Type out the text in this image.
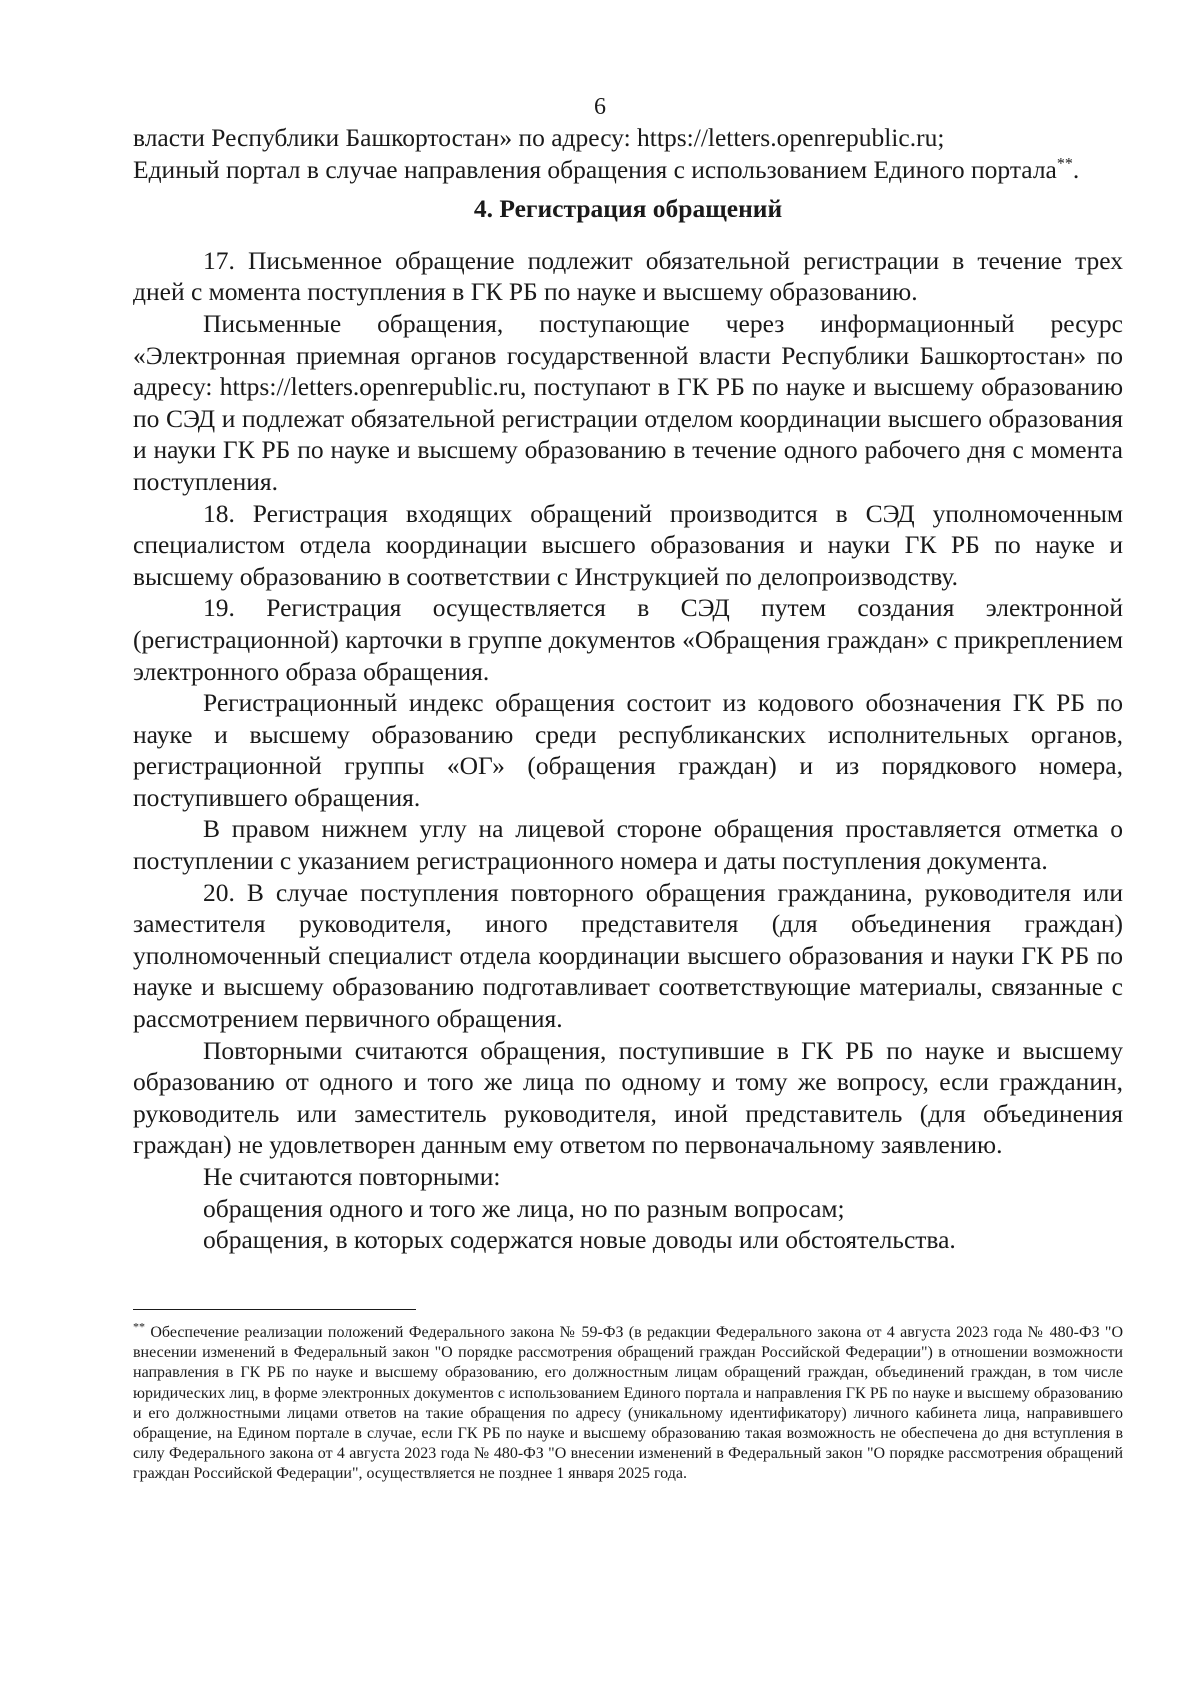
6

власти Республики Башкортостан» по адресу: https://letters.openrepublic.ru;

Единый портал в случае направления обращения с использованием Единого портала**.

4. Регистрация обращений

17. Письменное обращение подлежит обязательной регистрации в течение трех дней с момента поступления в ГК РБ по науке и высшему образованию.

Письменные обращения, поступающие через информационный ресурс «Электронная приемная органов государственной власти Республики Башкортостан» по адресу: https://letters.openrepublic.ru, поступают в ГК РБ по науке и высшему образованию по СЭД и подлежат обязательной регистрации отделом координации высшего образования и науки ГК РБ по науке и высшему образованию в течение одного рабочего дня с момента поступления.

18. Регистрация входящих обращений производится в СЭД уполномоченным специалистом отдела координации высшего образования и науки ГК РБ по науке и высшему образованию в соответствии с Инструкцией по делопроизводству.

19. Регистрация осуществляется в СЭД путем создания электронной (регистрационной) карточки в группе документов «Обращения граждан» с прикреплением электронного образа обращения.

Регистрационный индекс обращения состоит из кодового обозначения ГК РБ по науке и высшему образованию среди республиканских исполнительных органов, регистрационной группы «ОГ» (обращения граждан) и из порядкового номера, поступившего обращения.

В правом нижнем углу на лицевой стороне обращения проставляется отметка о поступлении с указанием регистрационного номера и даты поступления документа.

20. В случае поступления повторного обращения гражданина, руководителя или заместителя руководителя, иного представителя (для объединения граждан) уполномоченный специалист отдела координации высшего образования и науки ГК РБ по науке и высшему образованию подготавливает соответствующие материалы, связанные с рассмотрением первичного обращения.

Повторными считаются обращения, поступившие в ГК РБ по науке и высшему образованию от одного и того же лица по одному и тому же вопросу, если гражданин, руководитель или заместитель руководителя, иной представитель (для объединения граждан) не удовлетворен данным ему ответом по первоначальному заявлению.

Не считаются повторными:

обращения одного и того же лица, но по разным вопросам;

обращения, в которых содержатся новые доводы или обстоятельства.

** Обеспечение реализации положений Федерального закона № 59-ФЗ (в редакции Федерального закона от 4 августа 2023 года № 480-ФЗ "О внесении изменений в Федеральный закон "О порядке рассмотрения обращений граждан Российской Федерации") в отношении возможности направления в ГК РБ по науке и высшему образованию, его должностным лицам обращений граждан, объединений граждан, в том числе юридических лиц, в форме электронных документов с использованием Единого портала и направления ГК РБ по науке и высшему образованию и его должностными лицами ответов на такие обращения по адресу (уникальному идентификатору) личного кабинета лица, направившего обращение, на Едином портале в случае, если ГК РБ по науке и высшему образованию такая возможность не обеспечена до дня вступления в силу Федерального закона от 4 августа 2023 года № 480-ФЗ "О внесении изменений в Федеральный закон "О порядке рассмотрения обращений граждан Российской Федерации", осуществляется не позднее 1 января 2025 года.
